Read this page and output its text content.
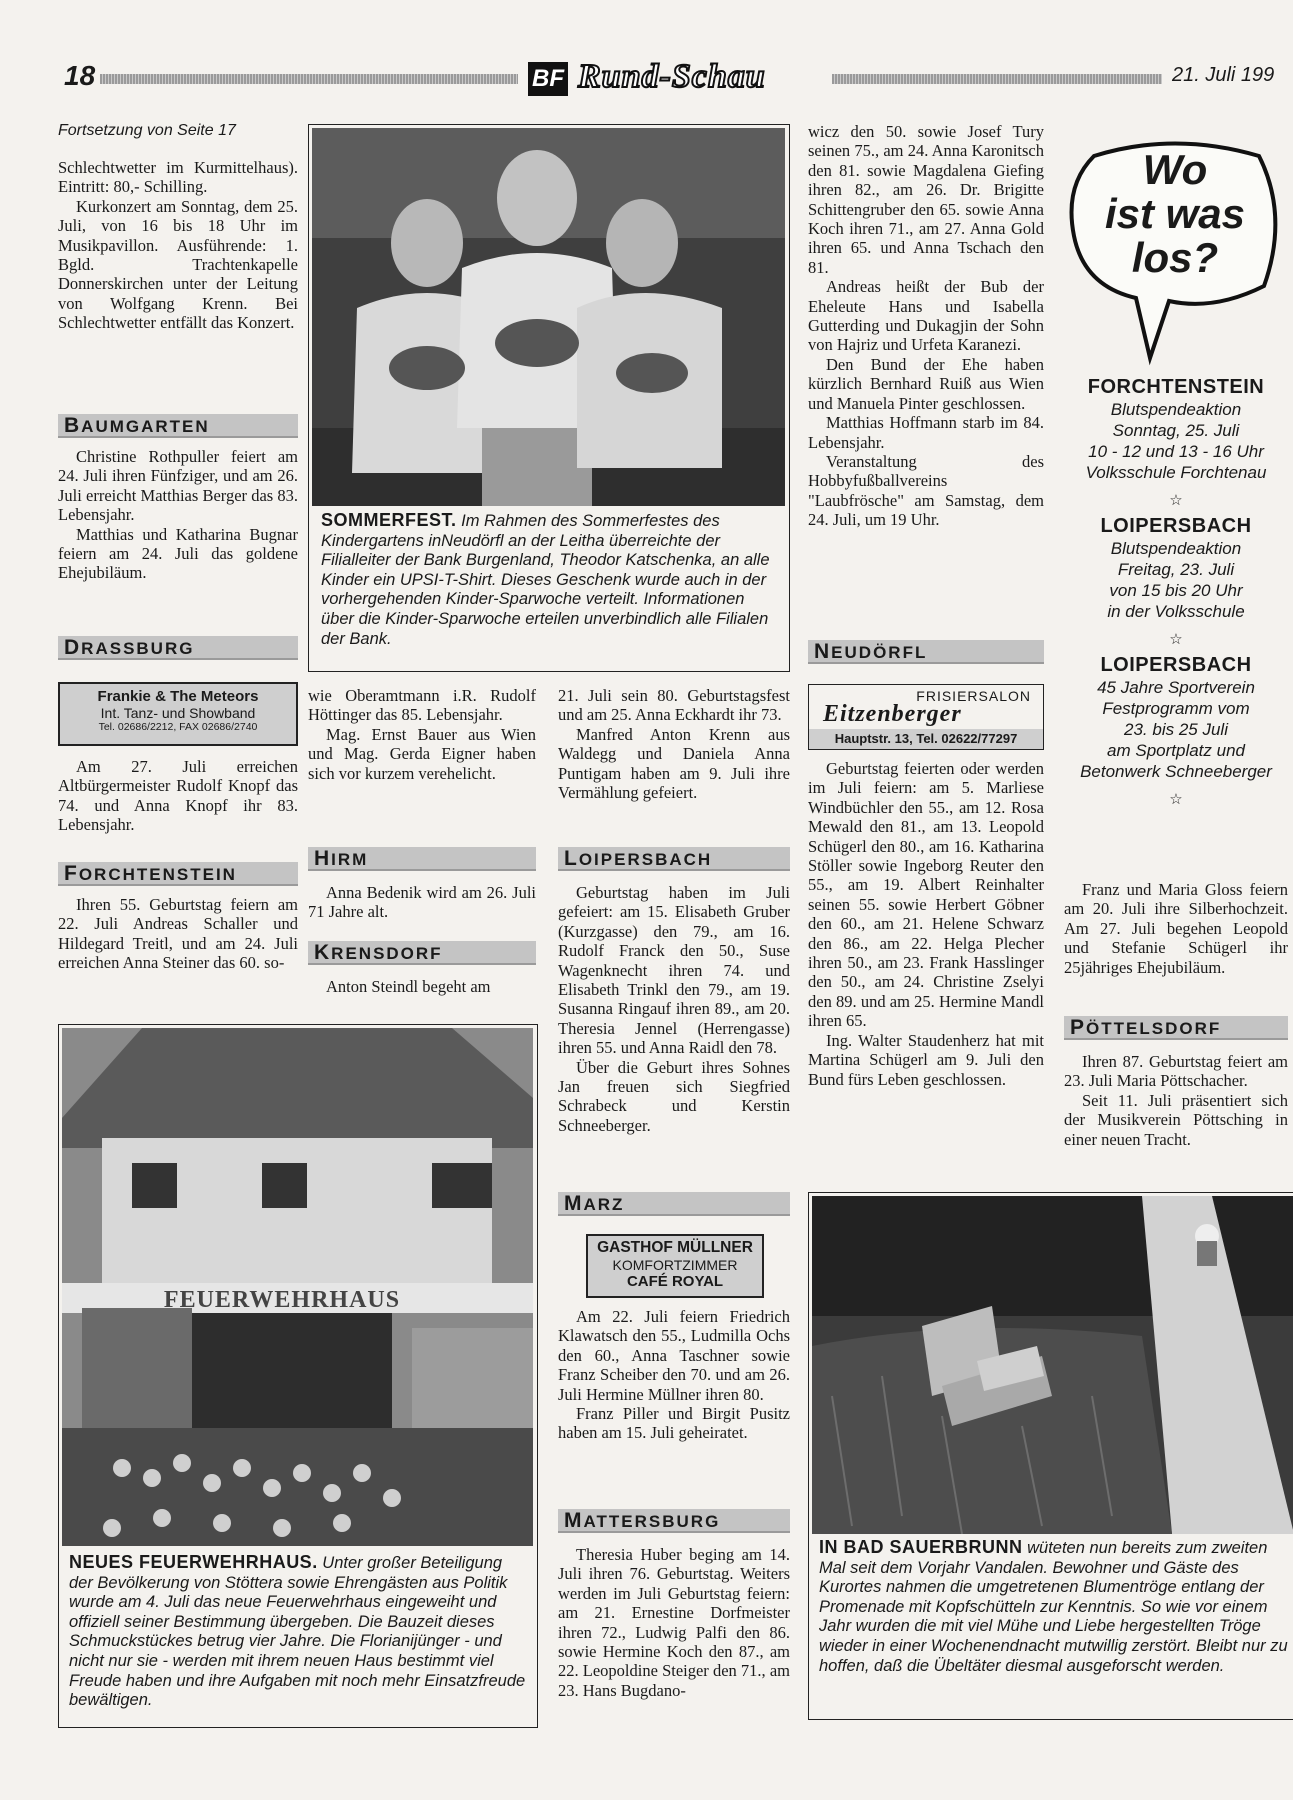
18	BF Rund-Schau	21. Juli 199
Fortsetzung von Seite 17

Schlechtwetter im Kurmittelhaus). Eintritt: 80,- Schilling.

Kurkonzert am Sonntag, dem 25. Juli, von 16 bis 18 Uhr im Musikpavillon. Ausführende: 1. Bgld. Trachtenkapelle Donnerskirchen unter der Leitung von Wolfgang Krenn. Bei Schlechtwetter entfällt das Konzert.

BAUMGARTEN

Christine Rothpuller feiert am 24. Juli ihren Fünfziger, und am 26. Juli erreicht Matthias Berger das 83. Lebensjahr.

Matthias und Katharina Bugnar feiern am 24. Juli das goldene Ehejubiläum.

DRASSBURG
Frankie & The Meteors
Int. Tanz- und Showband
Tel. 02686/2212, FAX 02686/2740

Am 27. Juli erreichen Altbürgermeister Rudolf Knopf das 74. und Anna Knopf ihr 83. Lebensjahr.

FORCHTENSTEIN

Ihren 55. Geburtstag feiern am 22. Juli Andreas Schaller und Hildegard Treitl, und am 24. Juli erreichen Anna Steiner das 60. so-

SOMMERFEST. Im Rahmen des Sommerfestes des Kindergartens inNeudörfl an der Leitha überreichte der Filialleiter der Bank Burgenland, Theodor Katschenka, an alle Kinder ein UPSI-T-Shirt. Dieses Geschenk wurde auch in der vorhergehenden Kinder-Sparwoche verteilt. Informationen über die Kinder-Sparwoche erteilen unverbindlich alle Filialen der Bank.

wie Oberamtmann i.R. Rudolf Höttinger das 85. Lebensjahr.

Mag. Ernst Bauer aus Wien und Mag. Gerda Eigner haben sich vor kurzem verehelicht.

HIRM

Anna Bedenik wird am 26. Juli 71 Jahre alt.

KRENSDORF

Anton Steindl begeht am

21. Juli sein 80. Geburtstagsfest und am 25. Anna Eckhardt ihr 73.

Manfred Anton Krenn aus Waldegg und Daniela Anna Puntigam haben am 9. Juli ihre Vermählung gefeiert.

LOIPERSBACH

Geburtstag haben im Juli gefeiert: am 15. Elisabeth Gruber (Kurzgasse) den 79., am 16. Rudolf Franck den 50., Suse Wagenknecht ihren 74. und Elisabeth Trinkl den 79., am 19. Susanna Ringauf ihren 89., am 20. Theresia Jennel (Herrengasse) ihren 55. und Anna Raidl den 78.

Über die Geburt ihres Sohnes Jan freuen sich Siegfried Schrabeck und Kerstin Schneeberger.

MARZ
GASTHOF MÜLLNER
KOMFORTZIMMER
CAFÉ ROYAL

Am 22. Juli feiern Friedrich Klawatsch den 55., Ludmilla Ochs den 60., Anna Taschner sowie Franz Scheiber den 70. und am 26. Juli Hermine Müllner ihren 80.

Franz Piller und Birgit Pusitz haben am 15. Juli geheiratet.

MATTERSBURG

Theresia Huber beging am 14. Juli ihren 76. Geburtstag. Weiters werden im Juli Geburtstag feiern: am 21. Ernestine Dorfmeister ihren 72., Ludwig Palfi den 86. sowie Hermine Koch den 87., am 22. Leopoldine Steiger den 71., am 23. Hans Bugdano-

wicz den 50. sowie Josef Tury seinen 75., am 24. Anna Karonitsch den 81. sowie Magdalena Giefing ihren 82., am 26. Dr. Brigitte Schittengruber den 65. sowie Anna Koch ihren 71., am 27. Anna Gold ihren 65. und Anna Tschach den 81.

Andreas heißt der Bub der Eheleute Hans und Isabella Gutterding und Dukagjin der Sohn von Hajriz und Urfeta Karanezi.

Den Bund der Ehe haben kürzlich Bernhard Ruiß aus Wien und Manuela Pinter geschlossen.

Matthias Hoffmann starb im 84. Lebensjahr.

Veranstaltung des Hobbyfußballvereins "Laubfrösche" am Samstag, dem 24. Juli, um 19 Uhr.

NEUDÖRFL
FRISIERSALON
Eitzenberger
Hauptstr. 13, Tel. 02622/77297

Geburtstag feierten oder werden im Juli feiern: am 5. Marliese Windbüchler den 55., am 12. Rosa Mewald den 81., am 13. Leopold Schügerl den 80., am 16. Katharina Stöller sowie Ingeborg Reuter den 55., am 19. Albert Reinhalter seinen 55. sowie Herbert Göbner den 60., am 21. Helene Schwarz den 86., am 22. Helga Plecher ihren 50., am 23. Frank Hasslinger den 50., am 24. Christine Zselyi den 89. und am 25. Hermine Mandl ihren 65.

Ing. Walter Staudenherz hat mit Martina Schügerl am 9. Juli den Bund fürs Leben geschlossen.

Wo
ist was
los?
FORCHTENSTEIN
Blutspendeaktion
Sonntag, 25. Juli
10 - 12 und 13 - 16 Uhr
Volksschule Forchtenau
☆
LOIPERSBACH
Blutspendeaktion
Freitag, 23. Juli
von 15 bis 20 Uhr
in der Volksschule
☆
LOIPERSBACH
45 Jahre Sportverein
Festprogramm vom
23. bis 25 Juli
am Sportplatz und
Betonwerk Schneeberger
☆

Franz und Maria Gloss feiern am 20. Juli ihre Silberhochzeit. Am 27. Juli begehen Leopold und Stefanie Schügerl ihr 25jähriges Ehejubiläum.

PÖTTELSDORF

Ihren 87. Geburtstag feiert am 23. Juli Maria Pöttschacher.

Seit 11. Juli präsentiert sich der Musikverein Pöttsching in einer neuen Tracht.

FEUERWEHRHAUS
NEUES FEUERWEHRHAUS. Unter großer Beteiligung der Bevölkerung von Stöttera sowie Ehrengästen aus Politik wurde am 4. Juli das neue Feuerwehrhaus eingeweiht und offiziell seiner Bestimmung übergeben. Die Bauzeit dieses Schmuckstückes betrug vier Jahre. Die Florianijünger - und nicht nur sie - werden mit ihrem neuen Haus bestimmt viel Freude haben und ihre Aufgaben mit noch mehr Einsatzfreude bewältigen.
IN BAD SAUERBRUNN wüteten nun bereits zum zweiten Mal seit dem Vorjahr Vandalen. Bewohner und Gäste des Kurortes nahmen die umgetretenen Blumentröge entlang der Promenade mit Kopfschütteln zur Kenntnis. So wie vor einem Jahr wurden die mit viel Mühe und Liebe hergestellten Tröge wieder in einer Wochenendnacht mutwillig zerstört. Bleibt nur zu hoffen, daß die Übeltäter diesmal ausgeforscht werden.
